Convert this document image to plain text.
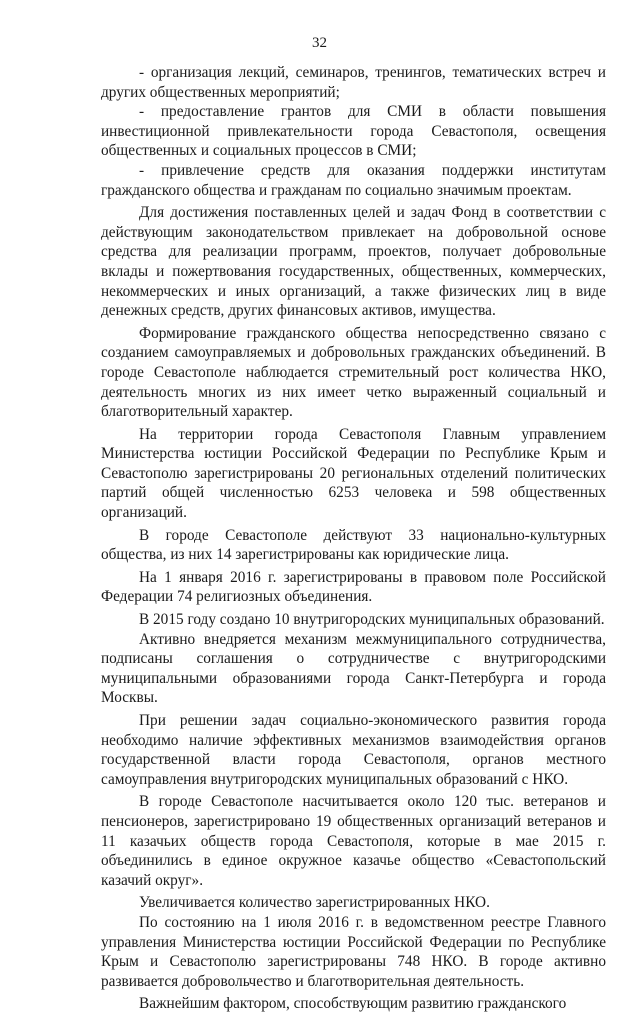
32

- организация лекций, семинаров, тренингов, тематических встреч и других общественных мероприятий;

- предоставление грантов для СМИ в области повышения инвестиционной привлекательности города Севастополя, освещения общественных и социальных процессов в СМИ;

- привлечение средств для оказания поддержки институтам гражданского общества и гражданам по социально значимым проектам.

Для достижения поставленных целей и задач Фонд в соответствии с действующим законодательством привлекает на добровольной основе средства для реализации программ, проектов, получает добровольные вклады и пожертвования государственных, общественных, коммерческих, некоммерческих и иных организаций, а также физических лиц в виде денежных средств, других финансовых активов, имущества.

Формирование гражданского общества непосредственно связано с созданием самоуправляемых и добровольных гражданских объединений. В городе Севастополе наблюдается стремительный рост количества НКО, деятельность многих из них имеет четко выраженный социальный и благотворительный характер.

На территории города Севастополя Главным управлением Министерства юстиции Российской Федерации по Республике Крым и Севастополю зарегистрированы 20 региональных отделений политических партий общей численностью 6253 человека и 598 общественных организаций.

В городе Севастополе действуют 33 национально-культурных общества, из них 14 зарегистрированы как юридические лица.

На 1 января 2016 г. зарегистрированы в правовом поле Российской Федерации 74 религиозных объединения.

В 2015 году создано 10 внутригородских муниципальных образований.

Активно внедряется механизм межмуниципального сотрудничества, подписаны соглашения о сотрудничестве с внутригородскими муниципальными образованиями города Санкт-Петербурга и города Москвы.

При решении задач социально-экономического развития города необходимо наличие эффективных механизмов взаимодействия органов государственной власти города Севастополя, органов местного самоуправления внутригородских муниципальных образований с НКО.

В городе Севастополе насчитывается около 120 тыс. ветеранов и пенсионеров, зарегистрировано 19 общественных организаций ветеранов и 11 казачьих обществ города Севастополя, которые в мае 2015 г. объединились в единое окружное казачье общество «Севастопольский казачий округ».

Увеличивается количество зарегистрированных НКО.

По состоянию на 1 июля 2016 г. в ведомственном реестре Главного управления Министерства юстиции Российской Федерации по Республике Крым и Севастополю зарегистрированы 748 НКО. В городе активно развивается добровольчество и благотворительная деятельность.

Важнейшим фактором, способствующим развитию гражданского
